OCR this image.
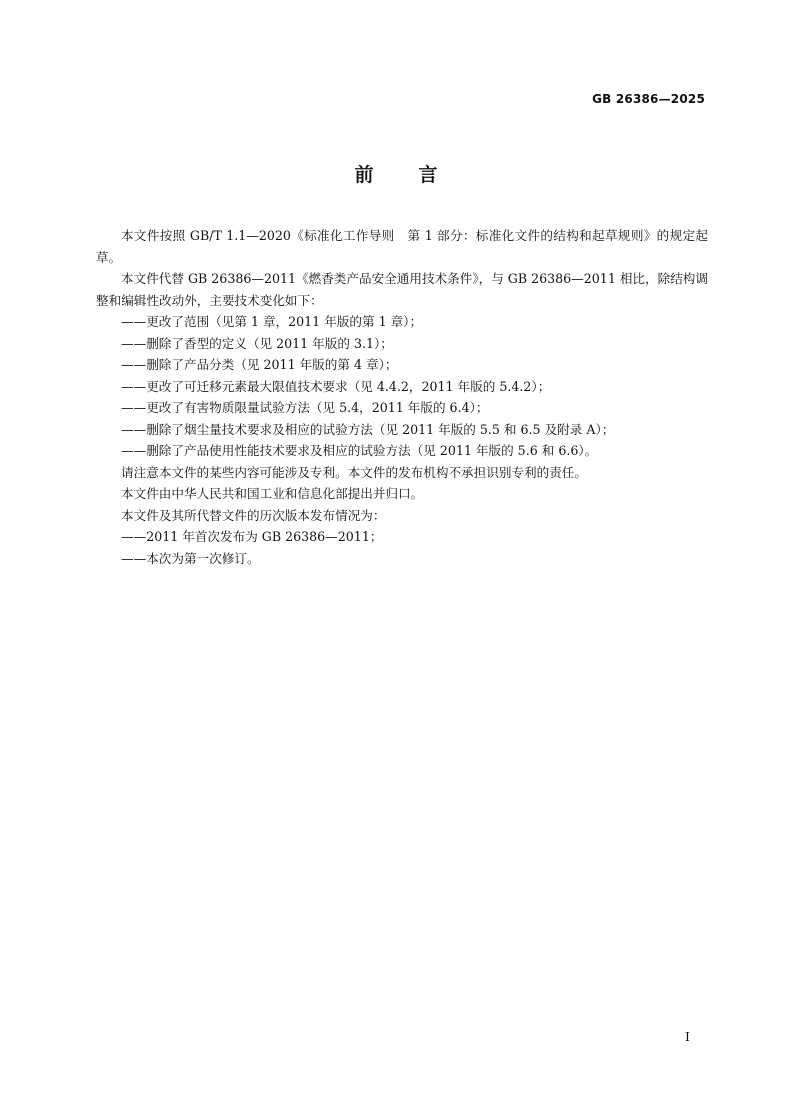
GB 26386—2025
前言

本文件按照 GB/T 1.1—2020《标准化工作导则　第 1 部分：标准化文件的结构和起草规则》的规定起草。

本文件代替 GB 26386—2011《燃香类产品安全通用技术条件》，与 GB 26386—2011 相比，除结构调整和编辑性改动外，主要技术变化如下：

——更改了范围（见第 1 章，2011 年版的第 1 章）；

——删除了香型的定义（见 2011 年版的 3.1）；

——删除了产品分类（见 2011 年版的第 4 章）；

——更改了可迁移元素最大限值技术要求（见 4.4.2，2011 年版的 5.4.2）；

——更改了有害物质限量试验方法（见 5.4，2011 年版的 6.4）；

——删除了烟尘量技术要求及相应的试验方法（见 2011 年版的 5.5 和 6.5 及附录 A）；

——删除了产品使用性能技术要求及相应的试验方法（见 2011 年版的 5.6 和 6.6）。

请注意本文件的某些内容可能涉及专利。本文件的发布机构不承担识别专利的责任。

本文件由中华人民共和国工业和信息化部提出并归口。

本文件及其所代替文件的历次版本发布情况为：

——2011 年首次发布为 GB 26386—2011；

——本次为第一次修订。

I
